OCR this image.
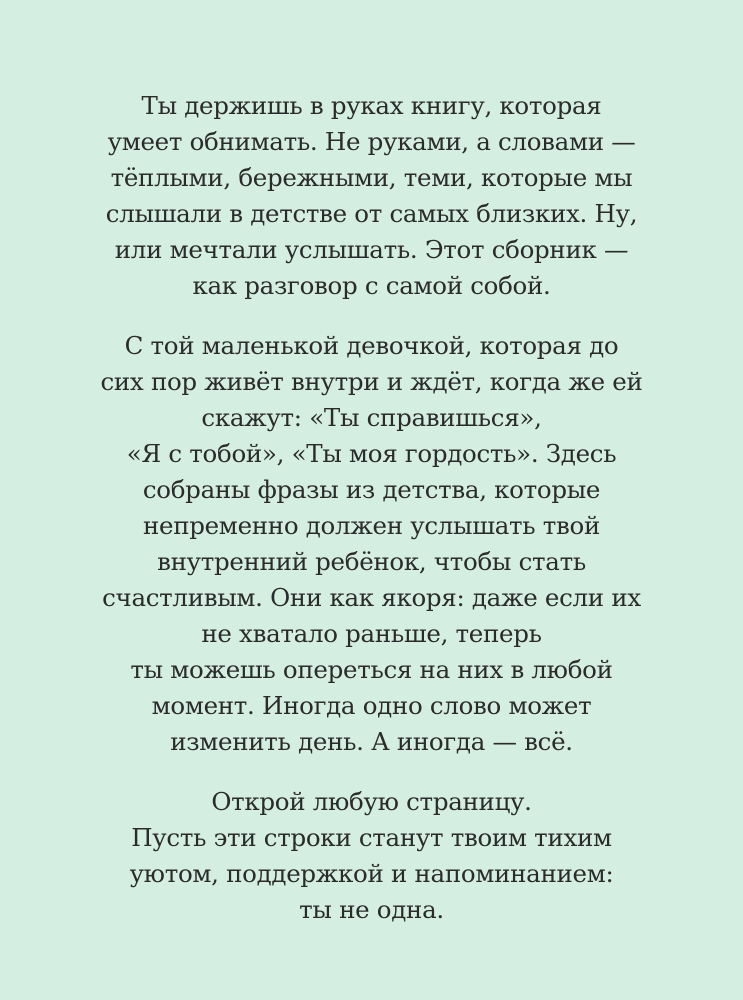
Ты держишь в руках книгу, которая
умеет обнимать. Не руками, а словами —
тёплыми, бережными, теми, которые мы
слышали в детстве от самых близких. Ну,
или мечтали услышать. Этот сборник —
как разговор с самой собой.

С той маленькой девочкой, которая до
сих пор живёт внутри и ждёт, когда же ей
скажут: «Ты справишься»,
«Я с тобой», «Ты моя гордость». Здесь
собраны фразы из детства, которые
непременно должен услышать твой
внутренний ребёнок, чтобы стать
счастливым. Они как якоря: даже если их
не хватало раньше, теперь
ты можешь опереться на них в любой
момент. Иногда одно слово может
изменить день. А иногда — всё.

Открой любую страницу.
Пусть эти строки станут твоим тихим
уютом, поддержкой и напоминанием:
ты не одна.
